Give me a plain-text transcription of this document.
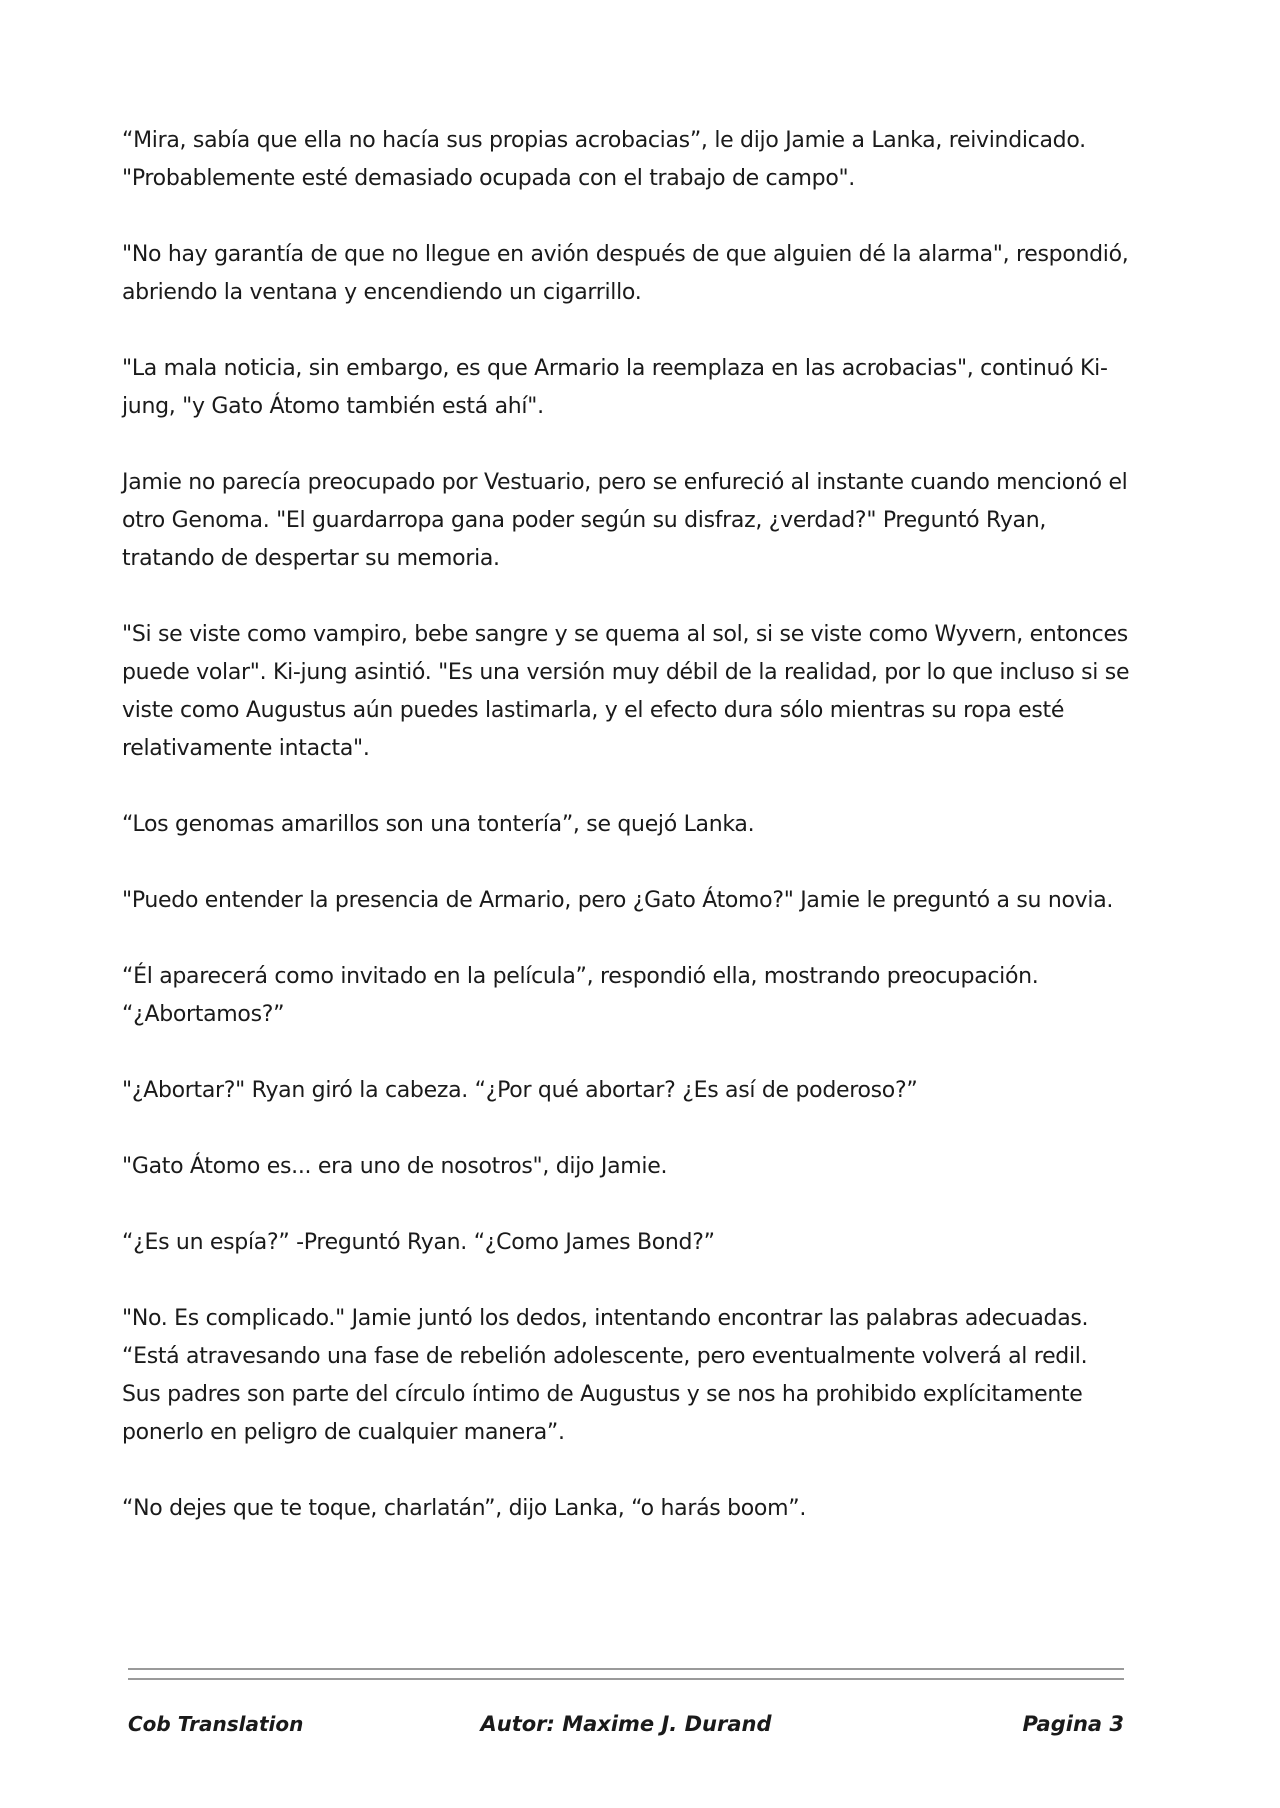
“Mira, sabía que ella no hacía sus propias acrobacias”, le dijo Jamie a Lanka, reivindicado. "Probablemente esté demasiado ocupada con el trabajo de campo".

"No hay garantía de que no llegue en avión después de que alguien dé la alarma", respondió, abriendo la ventana y encendiendo un cigarrillo.

"La mala noticia, sin embargo, es que Armario la reemplaza en las acrobacias", continuó Ki-jung, "y Gato Átomo también está ahí".

Jamie no parecía preocupado por Vestuario, pero se enfureció al instante cuando mencionó el otro Genoma. "El guardarropa gana poder según su disfraz, ¿verdad?" Preguntó Ryan, tratando de despertar su memoria.

"Si se viste como vampiro, bebe sangre y se quema al sol, si se viste como Wyvern, entonces puede volar". Ki-jung asintió. "Es una versión muy débil de la realidad, por lo que incluso si se viste como Augustus aún puedes lastimarla, y el efecto dura sólo mientras su ropa esté relativamente intacta".

“Los genomas amarillos son una tontería”, se quejó Lanka.

"Puedo entender la presencia de Armario, pero ¿Gato Átomo?" Jamie le preguntó a su novia.

“Él aparecerá como invitado en la película”, respondió ella, mostrando preocupación. “¿Abortamos?”

"¿Abortar?" Ryan giró la cabeza. “¿Por qué abortar? ¿Es así de poderoso?”

"Gato Átomo es... era uno de nosotros", dijo Jamie.

“¿Es un espía?” -Preguntó Ryan. “¿Como James Bond?”

"No. Es complicado." Jamie juntó los dedos, intentando encontrar las palabras adecuadas. “Está atravesando una fase de rebelión adolescente, pero eventualmente volverá al redil. Sus padres son parte del círculo íntimo de Augustus y se nos ha prohibido explícitamente ponerlo en peligro de cualquier manera”.

“No dejes que te toque, charlatán”, dijo Lanka, “o harás boom”.

Cob Translation	Autor: Maxime J. Durand	Pagina 3
